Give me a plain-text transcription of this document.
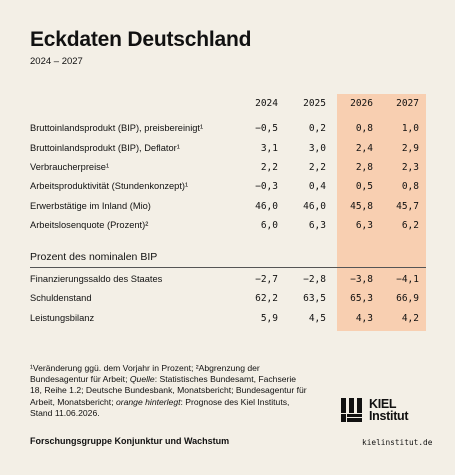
Eckdaten Deutschland
2024 – 2027
2024	2025	2026	2027
Bruttoinlandsprodukt (BIP), preisbereinigt¹	−0,5	0,2	0,8	1,0
Bruttoinlandsprodukt (BIP), Deflator¹	3,1	3,0	2,4	2,9
Verbraucherpreise¹	2,2	2,2	2,8	2,3
Arbeitsproduktivität (Stundenkonzept)¹	−0,3	0,4	0,5	0,8
Erwerbstätige im Inland (Mio)	46,0	46,0	45,8	45,7
Arbeitslosenquote (Prozent)²	6,0	6,3	6,3	6,2
Prozent des nominalen BIP
Finanzierungssaldo des Staates	−2,7	−2,8	−3,8	−4,1
Schuldenstand	62,2	63,5	65,3	66,9
Leistungsbilanz	5,9	4,5	4,3	4,2
¹Veränderung ggü. dem Vorjahr in Prozent; ²Abgrenzung der Bundesagentur für Arbeit; Quelle: Statistisches Bundesamt, Fachserie 18, Reihe 1.2; Deutsche Bundesbank, Monatsbericht; Bundesagentur für Arbeit, Monatsbericht; orange hinterlegt: Prognose des Kiel Instituts, Stand 11.06.2026.
Forschungsgruppe Konjunktur und Wachstum
KIEL
Institut
kielinstitut.de
